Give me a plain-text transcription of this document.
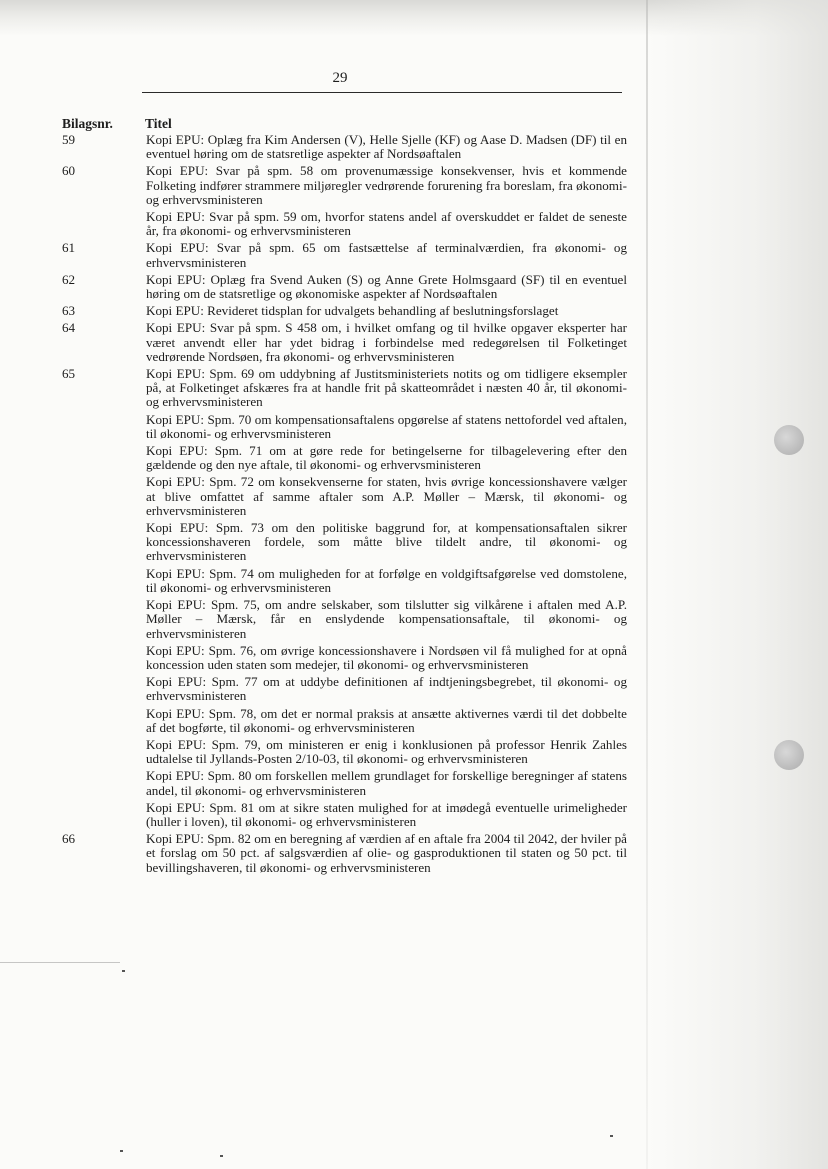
29
Bilagsnr. Titel
59	Kopi EPU: Oplæg fra Kim Andersen (V), Helle Sjelle (KF) og Aase D. Madsen (DF) til en eventuel høring om de statsretlige aspekter af Nordsøaftalen
60	Kopi EPU: Svar på spm. 58 om provenumæssige konsekvenser, hvis et kommende Folketing indfører strammere miljøregler vedrørende forurening fra boreslam, fra økonomi- og erhvervsministeren
Kopi EPU: Svar på spm. 59 om, hvorfor statens andel af overskuddet er faldet de seneste år, fra økonomi- og erhvervsministeren
61	Kopi EPU: Svar på spm. 65 om fastsættelse af terminalværdien, fra økonomi- og erhvervsministeren
62	Kopi EPU: Oplæg fra Svend Auken (S) og Anne Grete Holmsgaard (SF) til en eventuel høring om de statsretlige og økonomiske aspekter af Nordsøaftalen
63	Kopi EPU: Revideret tidsplan for udvalgets behandling af beslutningsforslaget
64	Kopi EPU: Svar på spm. S 458 om, i hvilket omfang og til hvilke opgaver eksperter har været anvendt eller har ydet bidrag i forbindelse med redegørelsen til Folketinget vedrørende Nordsøen, fra økonomi- og erhvervsministeren
65	Kopi EPU: Spm. 69 om uddybning af Justitsministeriets notits og om tidligere eksempler på, at Folketinget afskæres fra at handle frit på skatteområdet i næsten 40 år, til økonomi- og erhvervsministeren
Kopi EPU: Spm. 70 om kompensationsaftalens opgørelse af statens nettofordel ved aftalen, til økonomi- og erhvervsministeren
Kopi EPU: Spm. 71 om at gøre rede for betingelserne for tilbagelevering efter den gældende og den nye aftale, til økonomi- og erhvervsministeren
Kopi EPU: Spm. 72 om konsekvenserne for staten, hvis øvrige koncessionshavere vælger at blive omfattet af samme aftaler som A.P. Møller – Mærsk, til økonomi- og erhvervsministeren
Kopi EPU: Spm. 73 om den politiske baggrund for, at kompensationsaftalen sikrer koncessionshaveren fordele, som måtte blive tildelt andre, til økonomi- og erhvervsministeren
Kopi EPU: Spm. 74 om muligheden for at forfølge en voldgiftsafgørelse ved domstolene, til økonomi- og erhvervsministeren
Kopi EPU: Spm. 75, om andre selskaber, som tilslutter sig vilkårene i aftalen med A.P. Møller – Mærsk, får en enslydende kompensationsaftale, til økonomi- og erhvervsministeren
Kopi EPU: Spm. 76, om øvrige koncessionshavere i Nordsøen vil få mulighed for at opnå koncession uden staten som medejer, til økonomi- og erhvervsministeren
Kopi EPU: Spm. 77 om at uddybe definitionen af indtjeningsbegrebet, til økonomi- og erhvervsministeren
Kopi EPU: Spm. 78, om det er normal praksis at ansætte aktivernes værdi til det dobbelte af det bogførte, til økonomi- og erhvervsministeren
Kopi EPU: Spm. 79, om ministeren er enig i konklusionen på professor Henrik Zahles udtalelse til Jyllands-Posten 2/10-03, til økonomi- og erhvervsministeren
Kopi EPU: Spm. 80 om forskellen mellem grundlaget for forskellige beregninger af statens andel, til økonomi- og erhvervsministeren
Kopi EPU: Spm. 81 om at sikre staten mulighed for at imødegå eventuelle urimeligheder (huller i loven), til økonomi- og erhvervsministeren
66	Kopi EPU: Spm. 82 om en beregning af værdien af en aftale fra 2004 til 2042, der hviler på et forslag om 50 pct. af salgsværdien af olie- og gasproduktionen til staten og 50 pct. til bevillingshaveren, til økonomi- og erhvervsministeren
